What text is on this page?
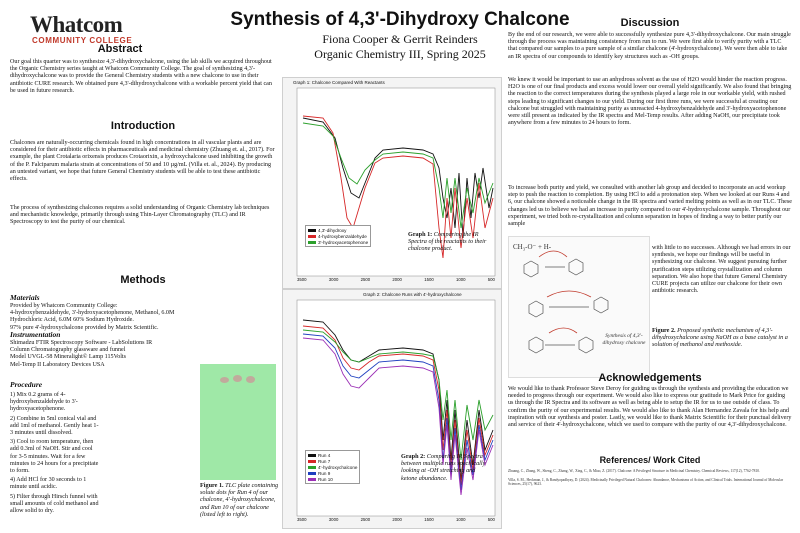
Whatcom
COMMUNITY COLLEGE
Synthesis of 4,3'-Dihydroxy Chalcone
Fiona Cooper & Gerrit Reinders
Organic Chemistry III, Spring 2025
Abstract
Our goal this quarter was to synthesize 4,3'-dihydroxychalcone, using the lab skills we acquired throughout the Organic Chemistry series taught at Whatcom Community College. The goal of synthesizing 4,3'-dihydroxychalcone was to provide the General Chemistry students with a new chalcone to use in their antibiotic CURE research. We obtained pure 4,3'-dihydroxychalcone with a workable percent yield that can be used in future research.
Introduction
Chalcones are naturally-occurring chemicals found in high concentrations in all vascular plants and are considered for their antibiotic effects in pharmaceuticals and medicinal chemistry (Zhuang et. al., 2017). For example, the plant Crotalaria orixensis produces Crotaorixin, a hydroxychalcone used inhibiting the growth of the P. Falciparum malaria strain at concentrations of 50 and 10 µg/mL (Villa et. al., 2024). By producing an untested variant, we hope that future General Chemistry students will be able to test these antibiotic effects.
The process of synthesizing chalcones requires a solid understanding of Organic Chemistry lab techniques and mechanistic knowledge, primarily through using Thin-Layer Chromatography (TLC) and IR Spectroscopy to test the purity of our chemical.
Methods
Materials
Provided by Whatcom Community College:
4-hydroxybenzaldehyde, 3'-hydroxyacetophenone, Methanol, 6.0M
Hydrochloric Acid, 6.0M 60% Sodium Hydroxide.
97% pure 4'-hydroxychalcone provided by Matrix Scientific.
Instrumentation
Shimadzu FTIR Spectroscopy Software - LabSolutions IR
Column Chromatography glassware and funnel
Model UVGL-58 Mineralight© Lamp 115Volts
Mel-Temp II Laboratory Devices USA
Procedure
1) Mix 0.2 grams of 4-hydroxybenzaldehyde to 3'-hydroxyacetophenone.
2) Combine in 5ml conical vial and add 1ml of methanol. Gently heat 1-3 minutes until dissolved.
3) Cool to room temperature, then add 0.3ml of NaOH. Stir and cool for 3-5 minutes. Wait for a few minutes to 24 hours for a precipitate to form.
4) Add HCl for 30 seconds to 1 minute until acidic.
5) Filter through Hirsch funnel with small amounts of cold methanol and allow solid to dry.
Figure 1. TLC plate containing solute dots for Run 4 of our chalcone, 4'-hydroxychalcone, and Run 10 of our chalcone (listed left to right).
Graph 1: Chalcone Compared With Reactants
4,3'-dihydroxy
4-hydroxybenzaldehyde
3'-hydroxyacetophenone
3500	3000	2500	2000	1500	1000	500
Graph 1: Comparing the IR Spectra of the reactants to their chalcone product.
Graph 2: Chalcone Runs with 4'-hydroxychalcone
Run 4
Run 7
4'-hydroxychalcone
Run 9
Run 10
3500	3000	2500	2000	1500	1000	500
Graph 2: Comparing IR Spectra between multiple runs specifically looking at -OH stretching and ketone abundance.
Discussion
By the end of our research, we were able to successfully synthesize pure 4,3'-dihydroxychalcone. Our main struggle through the process was maintaining consistency from run to run. We were first able to verify purity with a TLC that compared our samples to a pure sample of a similar chalcone (4'-hydroxychalcone). We were then able to take an IR spectra of our compounds to identify key structures such as -OH groups.
We knew it would be important to use an anhydrous solvent as the use of H2O would hinder the reaction progress. H2O is one of our final products and excess would lower our overall yield significantly. We also found that bringing the reaction to the correct temperatures during the synthesis played a large role in our workable yield, with rushed steps leading to significant changes to our yield. During our first three runs, we were successful at creating our chalcone but struggled with maintaining purity as unreacted 4-hydroxybenzaldehyde and 3'-hydroxyacetophenone were still present as indicated by the IR spectra and Mel-Temp results. After adding NaOH, our precipitate took anywhere from a few minutes to 24 hours to form.
To increase both purity and yield, we consulted with another lab group and decided to incorporate an acid workup step to push the reaction to completion. By using HCl to add a protonation step. When we looked at our Runs 4 and 6, our chalcone showed a noticeable change in the IR spectra and varied melting points as well as in our TLC. These changes led us to believe we had an increase in purity compared to our 4'-hydroxychalcone sample. Throughout our experiment, we tried both re-crystallization and column separation in hopes of finding a way to better purify our sample
CH₃-O⁻ + H-
Synthesis of 4,3'-dihydroxy chalcone
with little to no successes. Although we had errors in our synthesis, we hope our findings will be useful in synthesizing our chalcone. We suggest pursuing further purification steps utilizing crystallization and column separation. We also hope that future General Chemistry CURE projects can utilize our chalcone for their own antibiotic research.
Figure 2. Proposed synthetic mechanism of 4,3'-dihydroxychalcone using NaOH as a base catalyst in a solution of methanol and methoxide.
Acknowledgements
We would like to thank Professor Steve Deroy for guiding us through the synthesis and providing the education we needed to progress through our experiment. We would also like to express our gratitude to Mark Price for guiding us through the IR Spectra and its software as well as being able to setup the IR for us to use outside of class. To confirm the purity of our experimental results. We would also like to thank Alan Hernandez Zavala for his help and inspiration with our synthesis and poster. Lastly, we would like to thank Matrix Scientific for their punctual delivery and service of their 4'-hydroxychalcone, which we used to compare with the purity of our 4,3'-dihydroxychalcone.
References/ Work Cited
Zhuang, C., Zhang, W., Sheng, C., Zhang, W., Xing, C., & Miao, Z. (2017). Chalcone: A Privileged Structure in Medicinal Chemistry. Chemical Reviews, 117(12), 7762-7810.
Villa, S. M., Heckman, J., & Bandyopadhyay, D. (2024). Medicinally Privileged Natural Chalcones: Abundance, Mechanisms of Action, and Clinical Trials. International Journal of Molecular Sciences, 25(17), 9623.
